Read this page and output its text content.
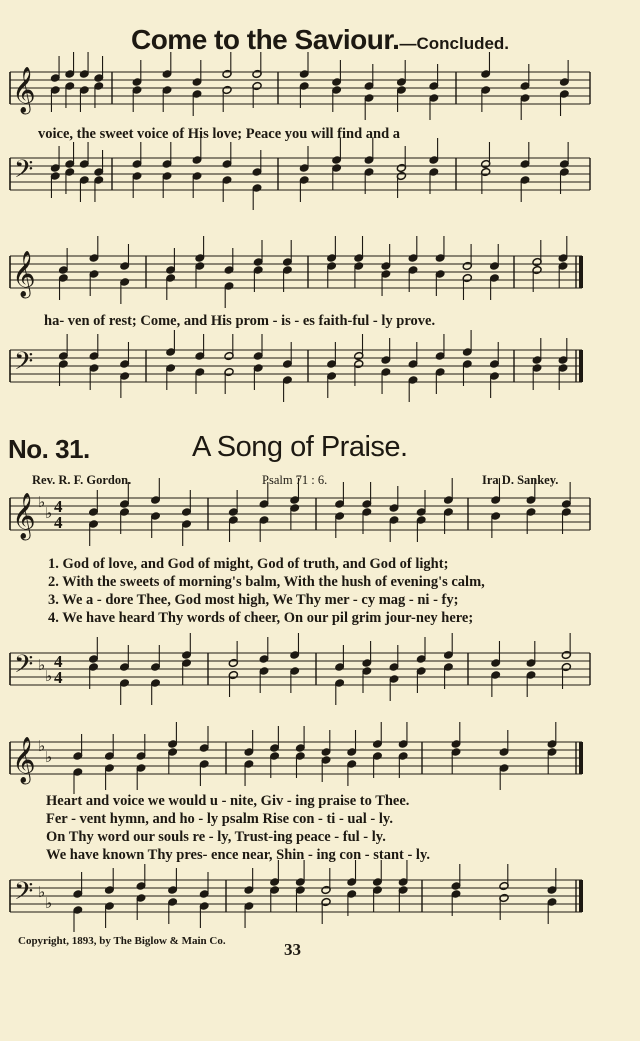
𝄞
𝄢
𝄞
𝄢
𝄞 ♭
♭ 4
4
𝄢 ♭
♭
4
4
𝄞 ♭
♭
𝄢 ♭
♭
Come to the Saviour.—Concluded.
voice, the sweet voice of His love; Peace you will find and a
ha- ven of rest; Come, and His prom - is - es faith-ful - ly prove.
No. 31.	A Song of Praise.
Rev. R. F. Gordon.	Psalm 71 : 6.	Ira D. Sankey.
1. God of love, and God of might, God of truth, and God of light;
2. With the sweets of morning's balm, With the hush of evening's calm,
3. We a - dore Thee, God most high, We Thy mer - cy mag - ni - fy;
4. We have heard Thy words of cheer, On our pil grim jour-ney here;
Heart and voice we would u - nite, Giv - ing praise to Thee.
Fer - vent hymn, and ho - ly psalm Rise con - ti - ual - ly.
On Thy word our souls re - ly, Trust-ing peace - ful - ly.
We have known Thy pres- ence near, Shin - ing con - stant - ly.
Copyright, 1893, by The Biglow & Main Co.	33
